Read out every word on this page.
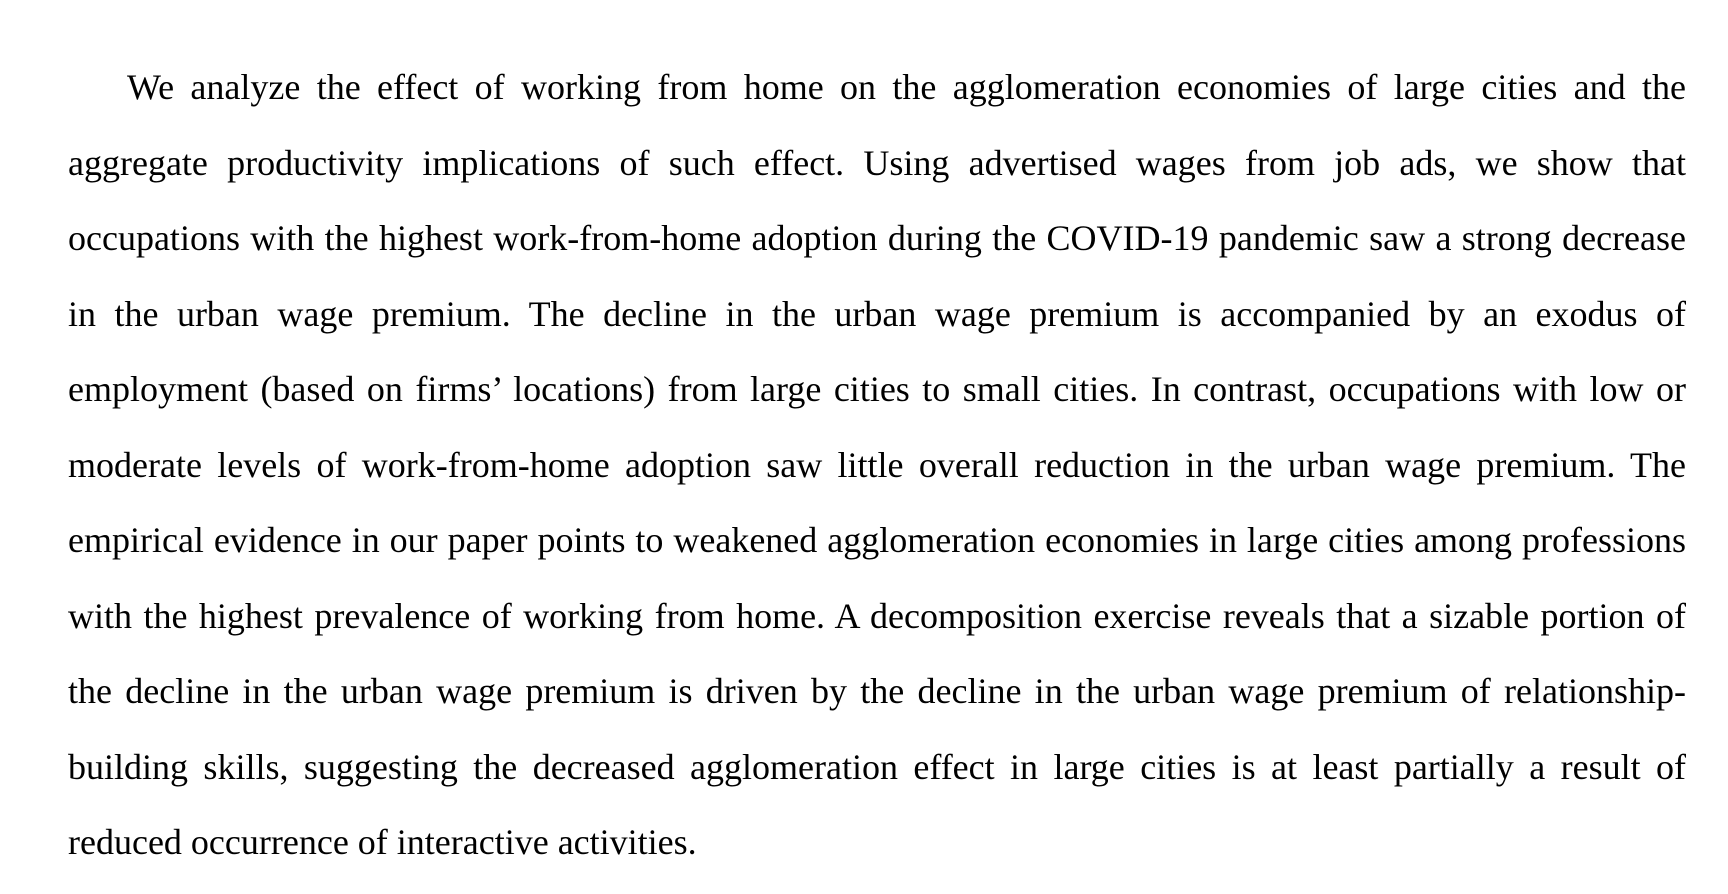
We analyze the effect of working from home on the agglomeration economies of large cities and the aggregate productivity implications of such effect. Using advertised wages from job ads, we show that occupations with the highest work-from-home adoption during the COVID-19 pandemic saw a strong decrease in the urban wage premium. The decline in the urban wage premium is accompanied by an exodus of employment (based on firms’ locations) from large cities to small cities. In contrast, occupations with low or moderate levels of work-from-home adoption saw little overall reduction in the urban wage premium. The empirical evidence in our paper points to weakened agglomeration economies in large cities among professions with the highest prevalence of working from home. A decomposition exercise reveals that a sizable portion of the decline in the urban wage premium is driven by the decline in the urban wage premium of relationship-building skills, suggesting the decreased agglomeration effect in large cities is at least partially a result of reduced occurrence of interactive activities.
